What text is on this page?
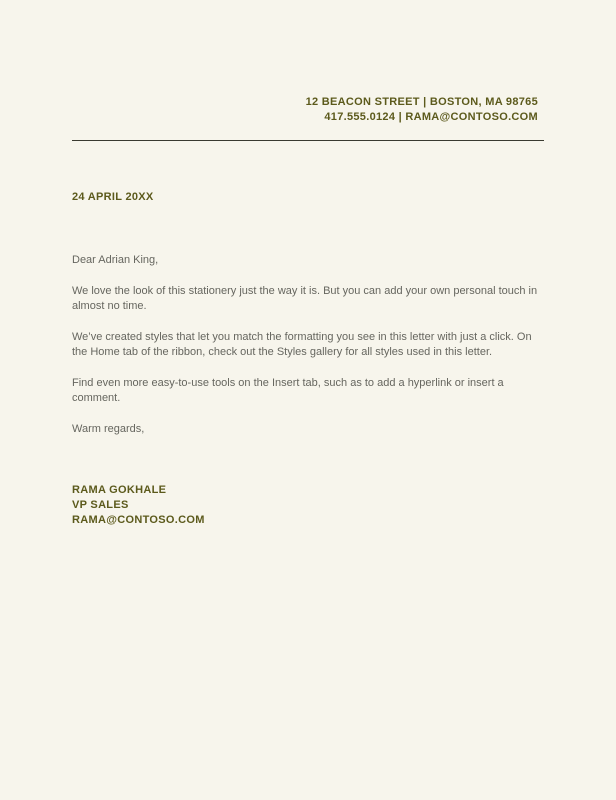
12 BEACON STREET | BOSTON, MA 98765
417.555.0124 | RAMA@CONTOSO.COM
24 APRIL 20XX

Dear Adrian King,

We love the look of this stationery just the way it is. But you can add your own personal touch in almost no time.

We’ve created styles that let you match the formatting you see in this letter with just a click. On the Home tab of the ribbon, check out the Styles gallery for all styles used in this letter.

Find even more easy-to-use tools on the Insert tab, such as to add a hyperlink or insert a comment.

Warm regards,

RAMA GOKHALE
VP SALES
RAMA@CONTOSO.COM
